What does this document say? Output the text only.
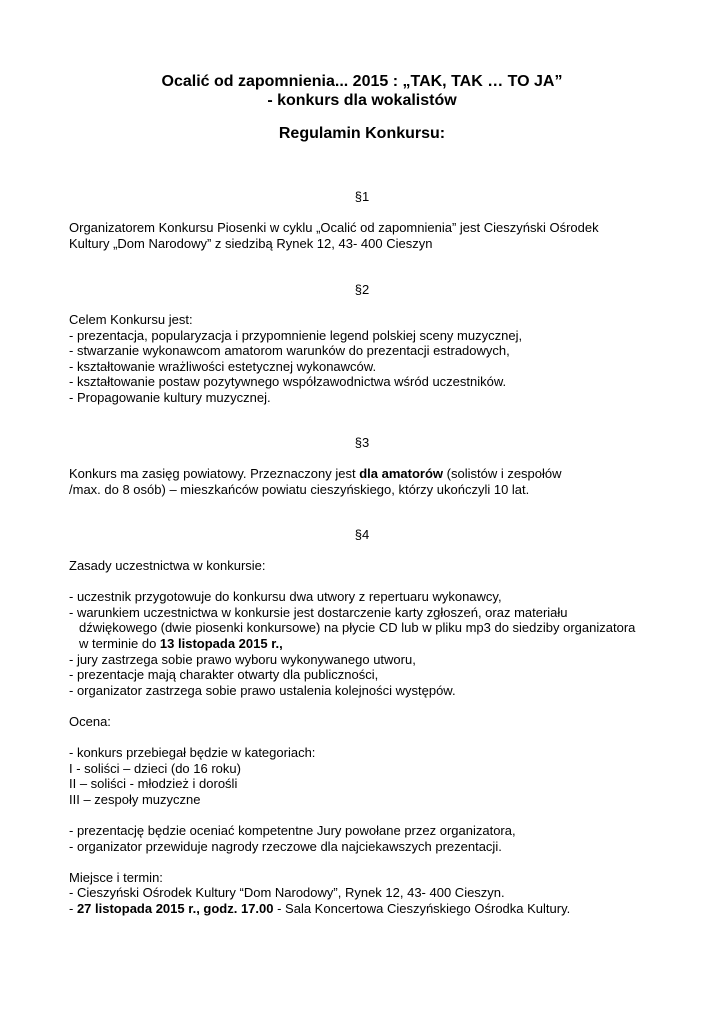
Ocalić od zapomnienia... 2015 : „TAK, TAK … TO JA”
- konkurs dla wokalistów
Regulamin Konkursu:
§1
Organizatorem Konkursu Piosenki w cyklu „Ocalić od zapomnienia” jest Cieszyński Ośrodek
Kultury „Dom Narodowy” z siedzibą Rynek 12, 43- 400 Cieszyn
§2
Celem Konkursu jest:
- prezentacja, popularyzacja i przypomnienie legend polskiej sceny muzycznej,
- stwarzanie wykonawcom amatorom warunków do prezentacji estradowych,
- kształtowanie wrażliwości estetycznej wykonawców.
- kształtowanie postaw pozytywnego współzawodnictwa wśród uczestników.
- Propagowanie kultury muzycznej.
§3
Konkurs ma zasięg powiatowy. Przeznaczony jest dla amatorów (solistów i zespołów
/max. do 8 osób) – mieszkańców powiatu cieszyńskiego, którzy ukończyli 10 lat.
§4
Zasady uczestnictwa w konkursie:
- uczestnik przygotowuje do konkursu dwa utwory z repertuaru wykonawcy,
- warunkiem uczestnictwa w konkursie jest dostarczenie karty zgłoszeń, oraz materiału
dźwiękowego (dwie piosenki konkursowe) na płycie CD lub w pliku mp3 do siedziby organizatora
w terminie do 13 listopada 2015 r.,
- jury zastrzega sobie prawo wyboru wykonywanego utworu,
- prezentacje mają charakter otwarty dla publiczności,
- organizator zastrzega sobie prawo ustalenia kolejności występów.
Ocena:
- konkurs przebiegał będzie w kategoriach:
I - soliści – dzieci (do 16 roku)
II – soliści - młodzież i dorośli
III – zespoły muzyczne
- prezentację będzie oceniać kompetentne Jury powołane przez organizatora,
- organizator przewiduje nagrody rzeczowe dla najciekawszych prezentacji.
Miejsce i termin:
- Cieszyński Ośrodek Kultury “Dom Narodowy”, Rynek 12, 43- 400 Cieszyn.
- 27 listopada 2015 r., godz. 17.00 - Sala Koncertowa Cieszyńskiego Ośrodka Kultury.
